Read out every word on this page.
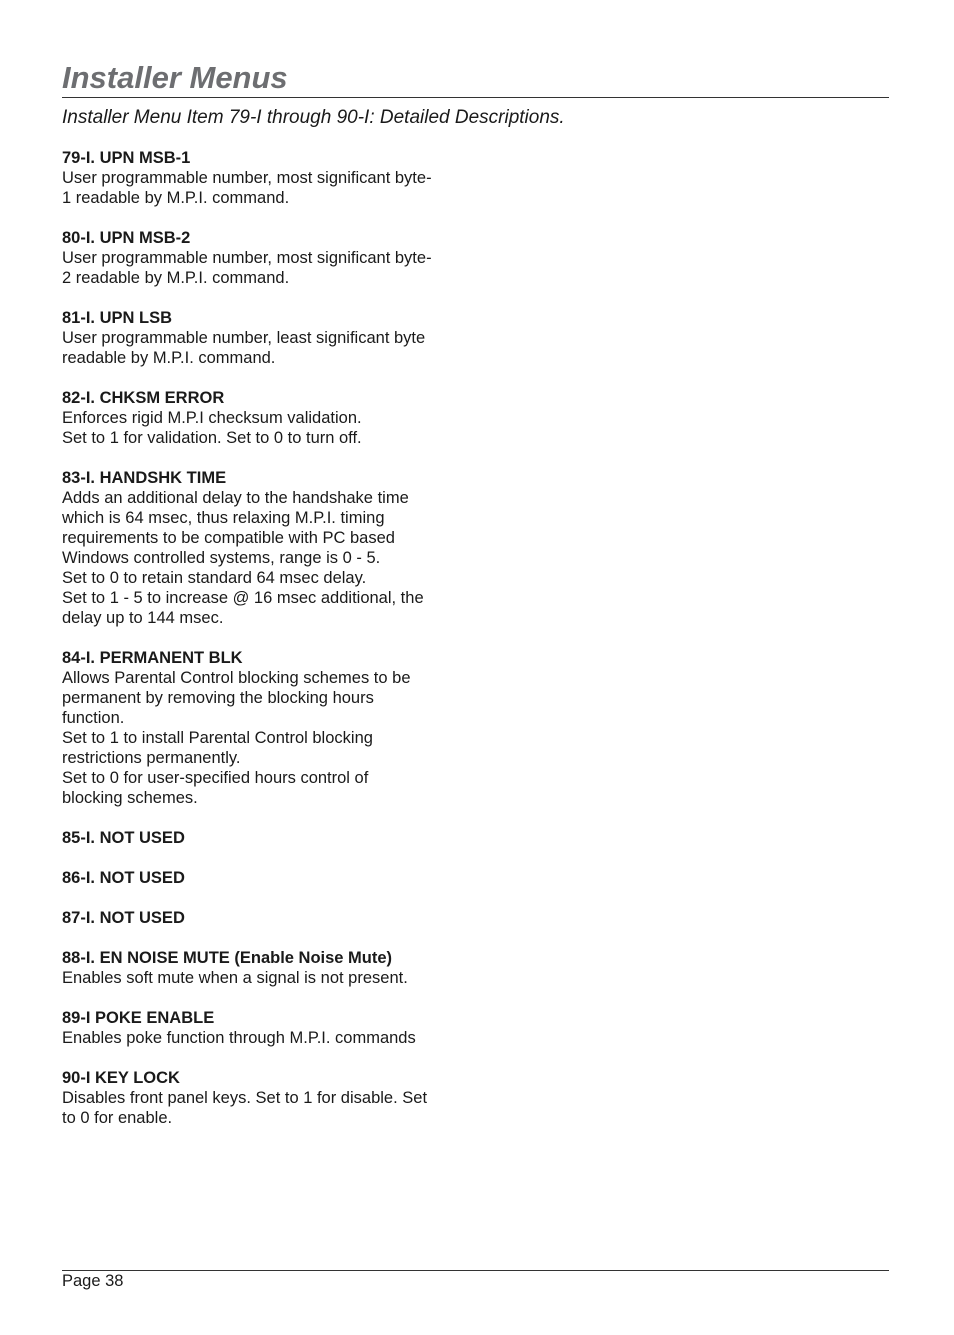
Installer Menus

Installer Menu Item 79-I through 90-I: Detailed Descriptions.

79-I. UPN MSB-1

User programmable number, most significant byte-

1 readable by M.P.I. command.

80-I. UPN MSB-2

User programmable number, most significant byte-

2 readable by M.P.I. command.

81-I. UPN LSB

User programmable number, least significant byte

readable by M.P.I. command.

82-I. CHKSM ERROR

Enforces rigid M.P.I checksum validation.

Set to 1 for validation. Set to 0 to turn off.

83-I. HANDSHK TIME

Adds an additional delay to the handshake time

which is 64 msec, thus relaxing M.P.I. timing

requirements to be compatible with PC based

Windows controlled systems, range is 0 - 5.

Set to 0 to retain standard 64 msec delay.

Set to 1 - 5 to increase @ 16 msec additional, the

delay up to 144 msec.

84-I. PERMANENT BLK

Allows Parental Control blocking schemes to be

permanent by removing the blocking hours

function.

Set to 1 to install Parental Control blocking

restrictions permanently.

Set to 0 for user-specified hours control of

blocking schemes.

85-I. NOT USED

86-I. NOT USED

87-I. NOT USED

88-I. EN NOISE MUTE (Enable Noise Mute)

Enables soft mute when a signal is not present.

89-I POKE ENABLE

Enables poke function through M.P.I. commands

90-I KEY LOCK

Disables front panel keys. Set to 1 for disable. Set

to 0 for enable.

Page 38
